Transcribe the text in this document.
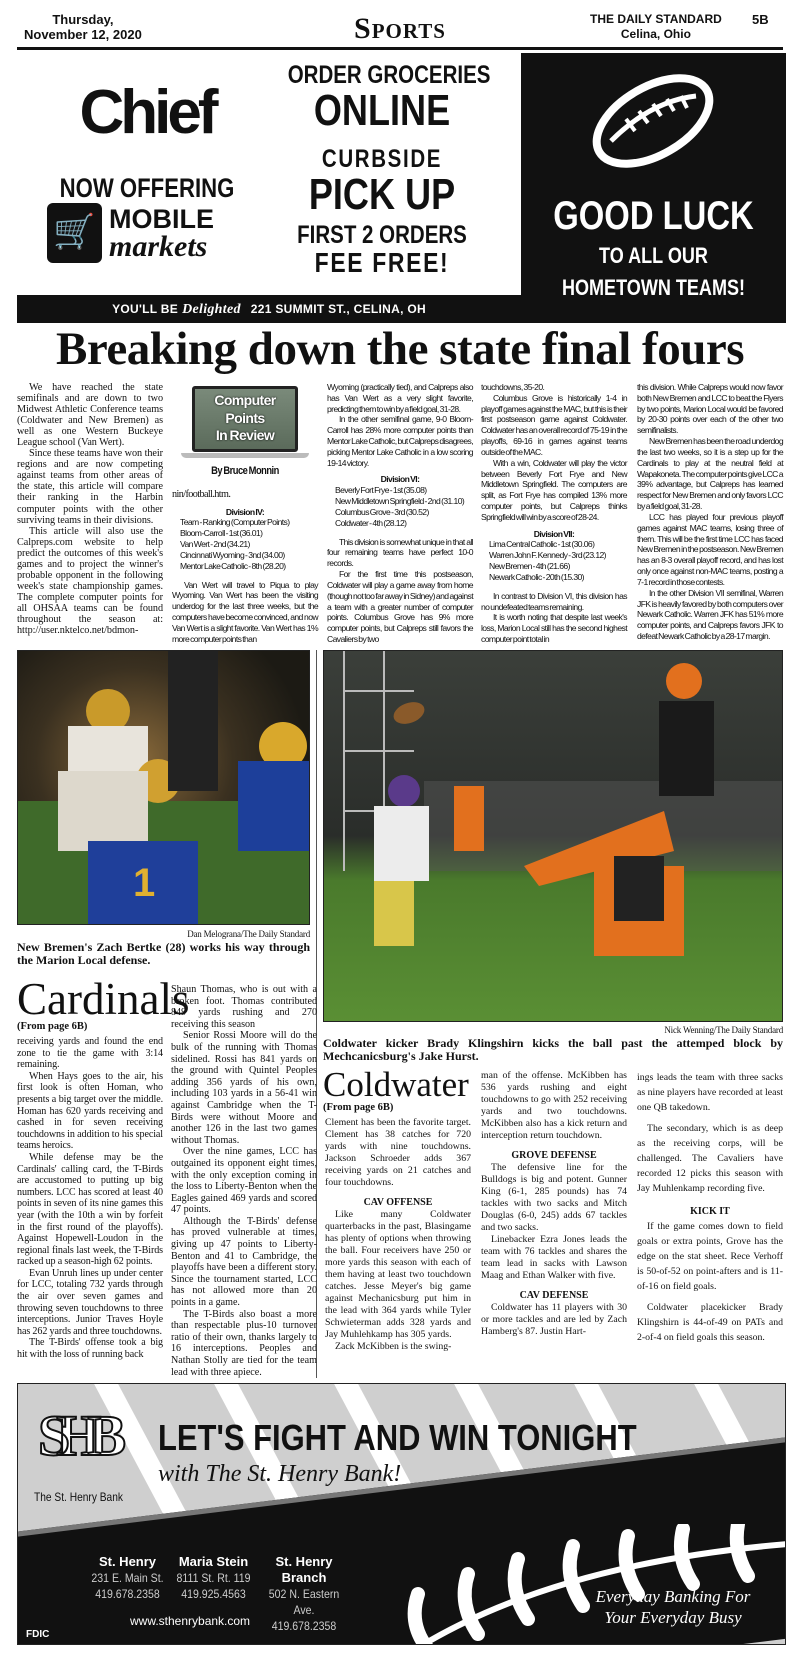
Thursday,
November 12, 2020	Sports	THE DAILY STANDARD
Celina, Ohio
5B
Chief
NOW OFFERING
🛒 MOBILE
markets
ORDER GROCERIES
ONLINE
CURBSIDE
PICK UP
FIRST 2 ORDERS
FEE FREE!
YOU'LL BE Delighted 221 SUMMIT ST., CELINA, OH
GOOD LUCK
TO ALL OUR
HOMETOWN TEAMS!
Breaking down the state final fours

We have reached the state semifinals and are down to two Midwest Athletic Conference teams (Coldwater and New Bremen) as well as one Western Buckeye League school (Van Wert).

Since these teams have won their regions and are now competing against teams from other areas of the state, this article will compare their ranking in the Harbin computer points with the other surviving teams in their divisions.

This article will also use the Calpreps.com website to help predict the outcomes of this week's games and to project the winner's probable opponent in the following week's state championship games. The complete computer points for all OHSAA teams can be found throughout the season at: http://user.nktelco.net/bdmon-

Computer
Points
In Review
By Bruce Monnin

nin/football.htm.

Division IV:

Team - Ranking (Computer Points)

Bloom-Carroll - 1st (36.01)

Van Wert - 2nd (34.21)

Cincinnati Wyoming - 3nd (34.00)

Mentor Lake Catholic - 8th (28.20)

Van Wert will travel to Piqua to play Wyoming. Van Wert has been the visiting underdog for the last three weeks, but the computers have become convinced, and now Van Wert is a slight favorite. Van Wert has 1% more computer points than

Wyoming (practically tied), and Calpreps also has Van Wert as a very slight favorite, predicting them to win by a field goal, 31-28.

In the other semifinal game, 9-0 Bloom-Carroll has 28% more computer points than Mentor Lake Catholic, but Calpreps disagrees, picking Mentor Lake Catholic in a low scoring 19-14 victory.

Division VI:

Beverly Fort Frye - 1st (35.08)

New Middletown Springfield - 2nd (31.10)

Columbus Grove - 3rd (30.52)

Coldwater - 4th (28.12)

This division is somewhat unique in that all four remaining teams have perfect 10-0 records.

For the first time this postseason, Coldwater will play a game away from home (though not too far away in Sidney) and against a team with a greater number of computer points. Columbus Grove has 9% more computer points, but Calpreps still favors the Cavaliers by two

touchdowns, 35-20.

Columbus Grove is historically 1-4 in playoff games against the MAC, but this is their first postseason game against Coldwater. Coldwater has an overall record of 75-19 in the playoffs, 69-16 in games against teams outside of the MAC.

With a win, Coldwater will play the victor between Beverly Fort Frye and New Middletown Springfield. The computers are split, as Fort Frye has compiled 13% more computer points, but Calpreps thinks Springfield will win by a score of 28-24.

Division VII:

Lima Central Catholic - 1st (30.06)

Warren John F. Kennedy - 3rd (23.12)

New Bremen - 4th (21.66)

Newark Catholic - 20th (15.30)

In contrast to Division VI, this division has no undefeated teams remaining.

It is worth noting that despite last week's loss, Marion Local still has the second highest computer point total in

this division. While Calpreps would now favor both New Bremen and LCC to beat the Flyers by two points, Marion Local would be favored by 20-30 points over each of the other two semifinalists.

New Bremen has been the road underdog the last two weeks, so it is a step up for the Cardinals to play at the neutral field at Wapakoneta. The computer points give LCC a 39% advantage, but Calpreps has learned respect for New Bremen and only favors LCC by a field goal, 31-28.

LCC has played four previous playoff games against MAC teams, losing three of them. This will be the first time LCC has faced New Bremen in the postseason. New Bremen has an 8-3 overall playoff record, and has lost only once against non-MAC teams, posting a 7-1 record in those contests.

In the other Division VII semifinal, Warren JFK is heavily favored by both computers over Newark Catholic. Warren JFK has 51% more computer points, and Calpreps favors JFK to defeat Newark Catholic by a 28-17 margin.

1
Dan Melograna/The Daily Standard
New Bremen's Zach Bertke (28) works his way through the Marion Local defense.
Nick Wenning/The Daily Standard
Coldwater kicker Brady Klingshirn kicks the ball past the attemped block by Mechcanicsburg's Jake Hurst.
Cardinals
(From page 6B)

receiving yards and found the end zone to tie the game with 3:14 remaining.

When Hays goes to the air, his first look is often Homan, who presents a big target over the middle. Homan has 620 yards receiving and cashed in for seven receiving touchdowns in addition to his special teams heroics.

While defense may be the Cardinals' calling card, the T-Birds are accustomed to putting up big numbers. LCC has scored at least 40 points in seven of its nine games this year (with the 10th a win by forfeit in the first round of the playoffs). Against Hopewell-Loudon in the regional finals last week, the T-Birds racked up a season-high 62 points.

Evan Unruh lines up under center for LCC, totaling 732 yards through the air over seven games and throwing seven touchdowns to three interceptions. Junior Traves Hoyle has 262 yards and three touchdowns.

The T-Birds' offense took a big hit with the loss of running back

Shaun Thomas, who is out with a broken foot. Thomas contributed 849 yards rushing and 270 receiving this season

Senior Rossi Moore will do the bulk of the running with Thomas sidelined. Rossi has 841 yards on the ground with Quintel Peoples adding 356 yards of his own, including 103 yards in a 56-41 win against Cambridge when the T-Birds were without Moore and another 126 in the last two games without Thomas.

Over the nine games, LCC has outgained its opponent eight times, with the only exception coming in the loss to Liberty-Benton when the Eagles gained 469 yards and scored 47 points.

Although the T-Birds' defense has proved vulnerable at times, giving up 47 points to Liberty-Benton and 41 to Cambridge, the playoffs have been a different story. Since the tournament started, LCC has not allowed more than 20 points in a game.

The T-Birds also boast a more than respectable plus-10 turnover ratio of their own, thanks largely to 16 interceptions. Peoples and Nathan Stolly are tied for the team lead with three apiece.

Coldwater
(From page 6B)

Clement has been the favorite target. Clement has 38 catches for 720 yards with nine touchdowns. Jackson Schroeder adds 367 receiving yards on 21 catches and four touchdowns.

CAV OFFENSE

Like many Coldwater quarterbacks in the past, Blasingame has plenty of options when throwing the ball. Four receivers have 250 or more yards this season with each of them having at least two touchdown catches. Jesse Meyer's big game against Mechanicsburg put him in the lead with 364 yards while Tyler Schwieterman adds 328 yards and Jay Muhlehkamp has 305 yards.

Zack McKibben is the swing-

man of the offense. McKibben has 536 yards rushing and eight touchdowns to go with 252 receiving yards and two touchdowns. McKibben also has a kick return and interception return touchdown.

GROVE DEFENSE

The defensive line for the Bulldogs is big and potent. Gunner King (6-1, 285 pounds) has 74 tackles with two sacks and Mitch Douglas (6-0, 245) adds 67 tackles and two sacks.

Linebacker Ezra Jones leads the team with 76 tackles and shares the team lead in sacks with Lawson Maag and Ethan Walker with five.

CAV DEFENSE

Coldwater has 11 players with 30 or more tackles and are led by Zach Hamberg's 87. Justin Hart-

ings leads the team with three sacks as nine players have recorded at least one QB takedown.

The secondary, which is as deep as the receiving corps, will be challenged. The Cavaliers have recorded 12 picks this season with Jay Muhlenkamp recording five.

KICK IT

If the game comes down to field goals or extra points, Grove has the edge on the stat sheet. Rece Verhoff is 50-of-52 on point-afters and is 11-of-16 on field goals.

Coldwater placekicker Brady Klingshirn is 44-of-49 on PATs and 2-of-4 on field goals this season.

SHB
The St. Henry Bank
LET'S FIGHT AND WIN TONIGHT
with The St. Henry Bank!
St. Henry
231 E. Main St.
419.678.2358
Maria Stein
8111 St. Rt. 119
419.925.4563
St. Henry Branch
502 N. Eastern Ave.
419.678.2358
www.sthenrybank.com
FDIC
Everyday Banking For
Your Everyday Busy
